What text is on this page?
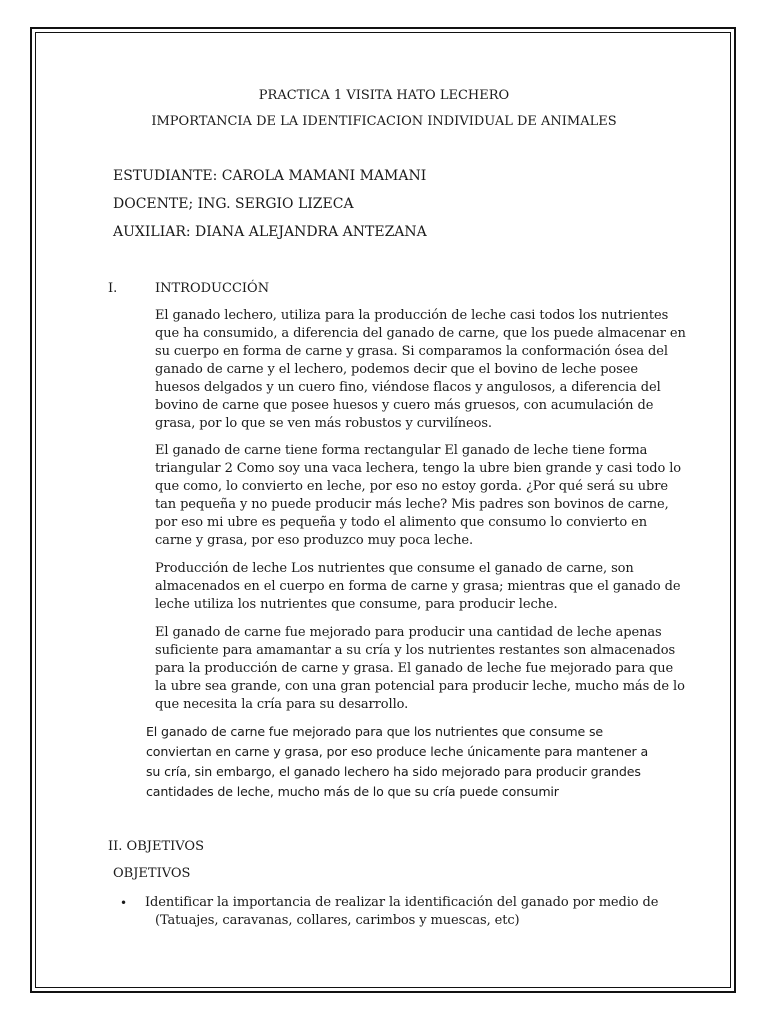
PRACTICA 1 VISITA HATO LECHERO
IMPORTANCIA DE LA IDENTIFICACION INDIVIDUAL DE ANIMALES
ESTUDIANTE: CAROLA MAMANI MAMANI
DOCENTE; ING. SERGIO LIZECA
AUXILIAR: DIANA ALEJANDRA ANTEZANA
I.	INTRODUCCIÓN
El ganado lechero, utiliza para la producción de leche casi todos los nutrientes
que ha consumido, a diferencia del ganado de carne, que los puede almacenar en
su cuerpo en forma de carne y grasa. Si comparamos la conformación ósea del
ganado de carne y el lechero, podemos decir que el bovino de leche posee
huesos delgados y un cuero fino, viéndose flacos y angulosos, a diferencia del
bovino de carne que posee huesos y cuero más gruesos, con acumulación de
grasa, por lo que se ven más robustos y curvilíneos.
El ganado de carne tiene forma rectangular El ganado de leche tiene forma
triangular 2 Como soy una vaca lechera, tengo la ubre bien grande y casi todo lo
que como, lo convierto en leche, por eso no estoy gorda. ¿Por qué será su ubre
tan pequeña y no puede producir más leche? Mis padres son bovinos de carne,
por eso mi ubre es pequeña y todo el alimento que consumo lo convierto en
carne y grasa, por eso produzco muy poca leche.
Producción de leche Los nutrientes que consume el ganado de carne, son
almacenados en el cuerpo en forma de carne y grasa; mientras que el ganado de
leche utiliza los nutrientes que consume, para producir leche.
El ganado de carne fue mejorado para producir una cantidad de leche apenas
suficiente para amamantar a su cría y los nutrientes restantes son almacenados
para la producción de carne y grasa. El ganado de leche fue mejorado para que
la ubre sea grande, con una gran potencial para producir leche, mucho más de lo
que necesita la cría para su desarrollo.
El ganado de carne fue mejorado para que los nutrientes que consume se
conviertan en carne y grasa, por eso produce leche únicamente para mantener a
su cría, sin embargo, el ganado lechero ha sido mejorado para producir grandes
cantidades de leche, mucho más de lo que su cría puede consumir
II. OBJETIVOS
OBJETIVOS
• Identificar la importancia de realizar la identificación del ganado por medio de
(Tatuajes, caravanas, collares, carimbos y muescas, etc)
